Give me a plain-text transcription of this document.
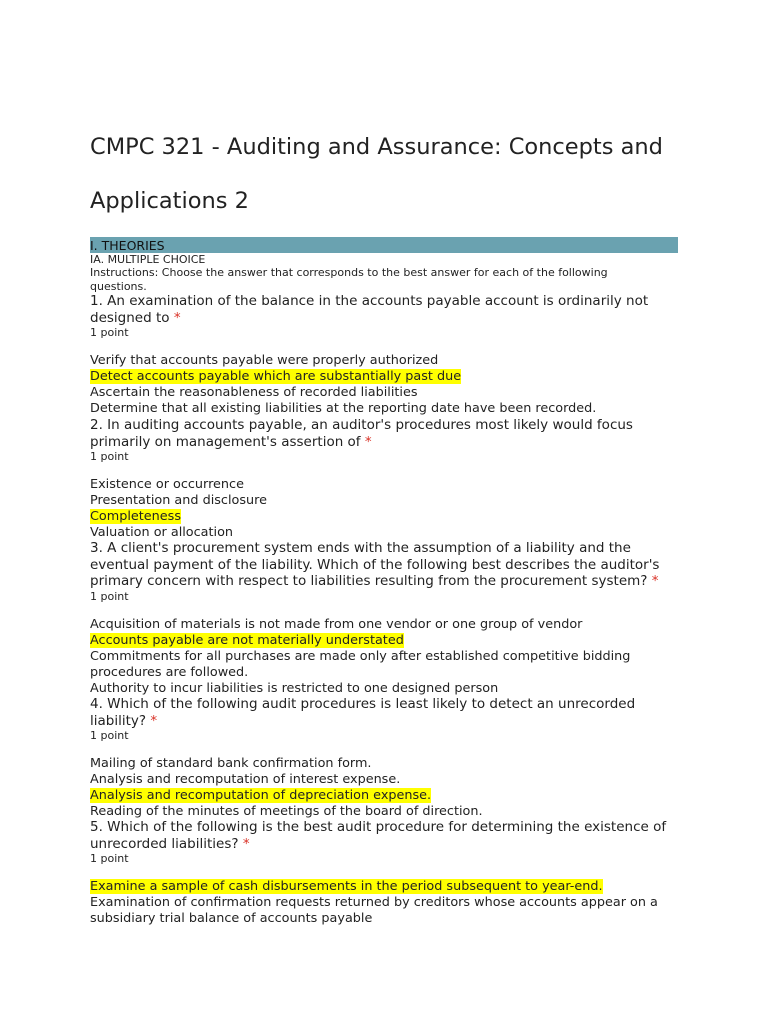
CMPC 321 - Auditing and Assurance: Concepts and
Applications 2
I. THEORIES
IA. MULTIPLE CHOICE
Instructions: Choose the answer that corresponds to the best answer for each of the following questions.

1. An examination of the balance in the accounts payable account is ordinarily not designed to *

1 point
Verify that accounts payable were properly authorized
Detect accounts payable which are substantially past due
Ascertain the reasonableness of recorded liabilities
Determine that all existing liabilities at the reporting date have been recorded.

2. In auditing accounts payable, an auditor's procedures most likely would focus primarily on management's assertion of *

1 point
Existence or occurrence
Presentation and disclosure
Completeness
Valuation or allocation

3. A client's procurement system ends with the assumption of a liability and the eventual payment of the liability. Which of the following best describes the auditor's primary concern with respect to liabilities resulting from the procurement system? *

1 point
Acquisition of materials is not made from one vendor or one group of vendor
Accounts payable are not materially understated
Commitments for all purchases are made only after established competitive bidding procedures are followed.
Authority to incur liabilities is restricted to one designed person

4. Which of the following audit procedures is least likely to detect an unrecorded liability? *

1 point
Mailing of standard bank confirmation form.
Analysis and recomputation of interest expense.
Analysis and recomputation of depreciation expense.
Reading of the minutes of meetings of the board of direction.

5. Which of the following is the best audit procedure for determining the existence of unrecorded liabilities? *

1 point
Examine a sample of cash disbursements in the period subsequent to year-end.
Examination of confirmation requests returned by creditors whose accounts appear on a subsidiary trial balance of accounts payable
